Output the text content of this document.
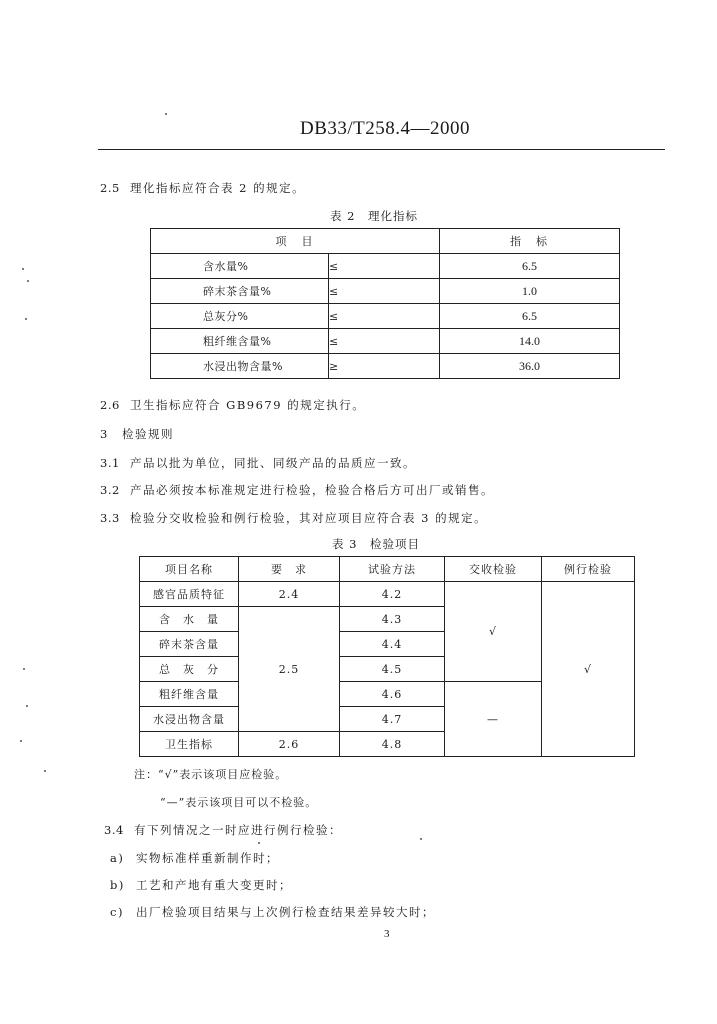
DB33/T258.4—2000
2.5 理化指标应符合表 2 的规定。
表 2　理化指标
项　目		指　标
含水量%	≤	6.5
碎末茶含量%	≤	1.0
总灰分%	≤	6.5
粗纤维含量%	≤	14.0
水浸出物含量%	≥	36.0
2.6 卫生指标应符合 GB9679 的规定执行。
3 检验规则
3.1 产品以批为单位，同批、同级产品的品质应一致。
3.2 产品必须按本标准规定进行检验，检验合格后方可出厂或销售。
3.3 检验分交收检验和例行检验，其对应项目应符合表 3 的规定。
表 3　检验项目
项目名称	要　求	试验方法	交收检验	例行检验
感官品质特征	2.4	4.2	√	√
含　水　量	2.5	4.3		
碎末茶含量		4.4		
总　灰　分		4.5		
粗纤维含量		4.6	—	
水浸出物含量		4.7		
卫生指标	2.6	4.8		
注：“√”表示该项目应检验。
“—”表示该项目可以不检验。
3.4 有下列情况之一时应进行例行检验：
a) 实物标准样重新制作时；
b) 工艺和产地有重大变更时；
c) 出厂检验项目结果与上次例行检查结果差异较大时；
3
